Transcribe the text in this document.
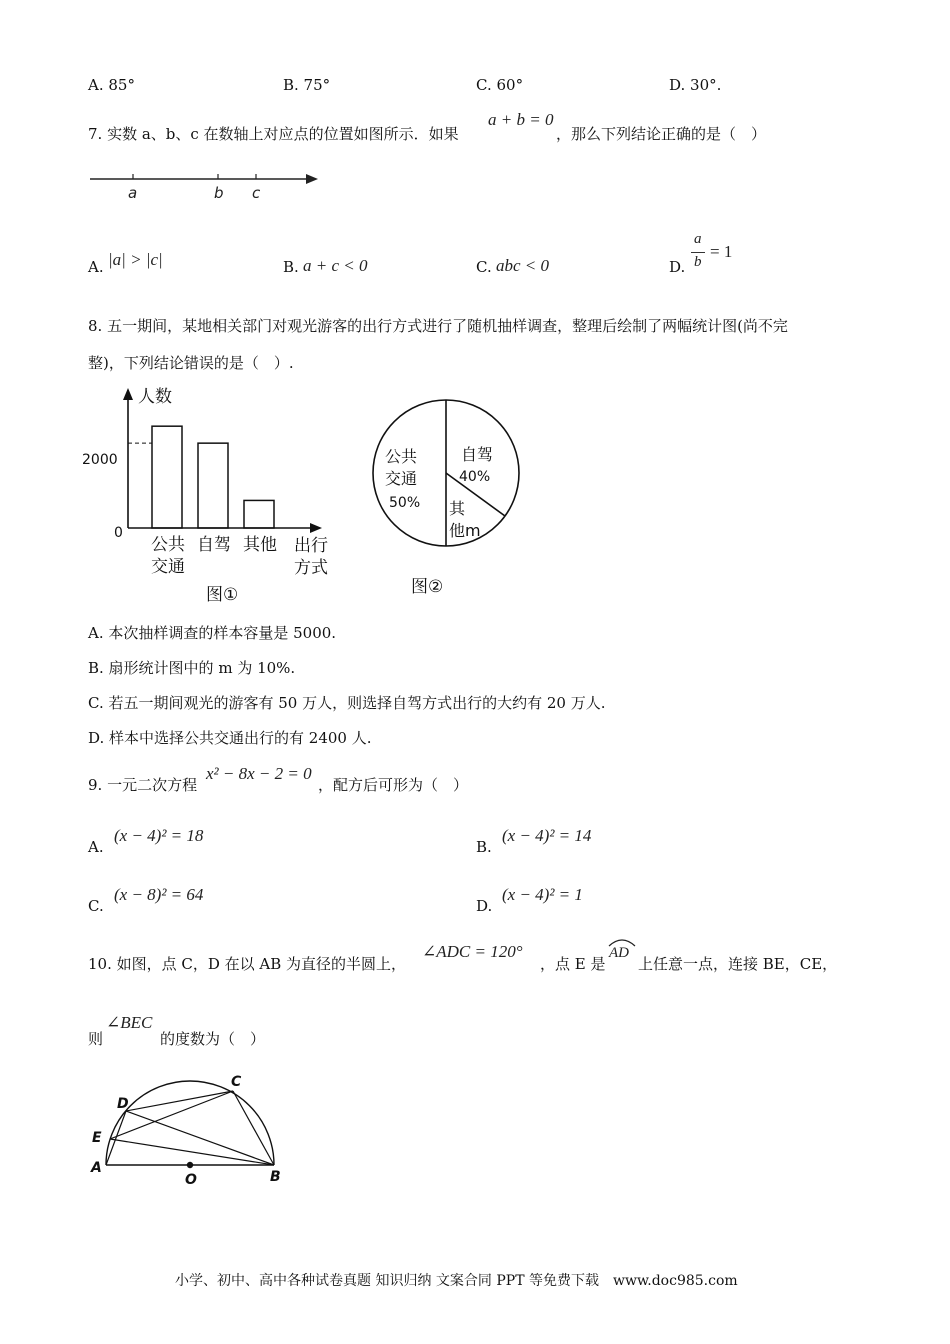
A. 85°	B. 75°	C. 60°	D. 30°.
7. 实数 a、b、c 在数轴上对应点的位置如图所示．如果
a + b = 0
，那么下列结论正确的是（　）
a	b c
A. |a| > |c|	B. a + c < 0	C. abc < 0	D.
a
b
= 1
8. 五一期间，某地相关部门对观光游客的出行方式进行了随机抽样调查，整理后绘制了两幅统计图(尚不完
整)，下列结论错误的是（　）.
人数
出行
方式
2000
0
图①
公共
交通
自驾 其他
公共
交通
50%
自驾
40%
其
他m
图②
A. 本次抽样调查的样本容量是 5000.
B. 扇形统计图中的 m 为 10%.
C. 若五一期间观光的游客有 50 万人，则选择自驾方式出行的大约有 20 万人.
D. 样本中选择公共交通出行的有 2400 人.
9. 一元二次方程
x² − 8x − 2 = 0
，配方后可形为（　）
A.
(x − 4)² = 18
B.
(x − 4)² = 14
C.
(x − 8)² = 64
D.
(x − 4)² = 1
10. 如图，点 C，D 在以 AB 为直径的半圆上，
∠ADC = 120°
，点 E 是
AD
上任意一点，连接 BE，CE，
则
∠BEC
的度数为（　）
A
B
C
D
E
O
小学、初中、高中各种试卷真题 知识归纳 文案合同 PPT 等免费下载　www.doc985.com
